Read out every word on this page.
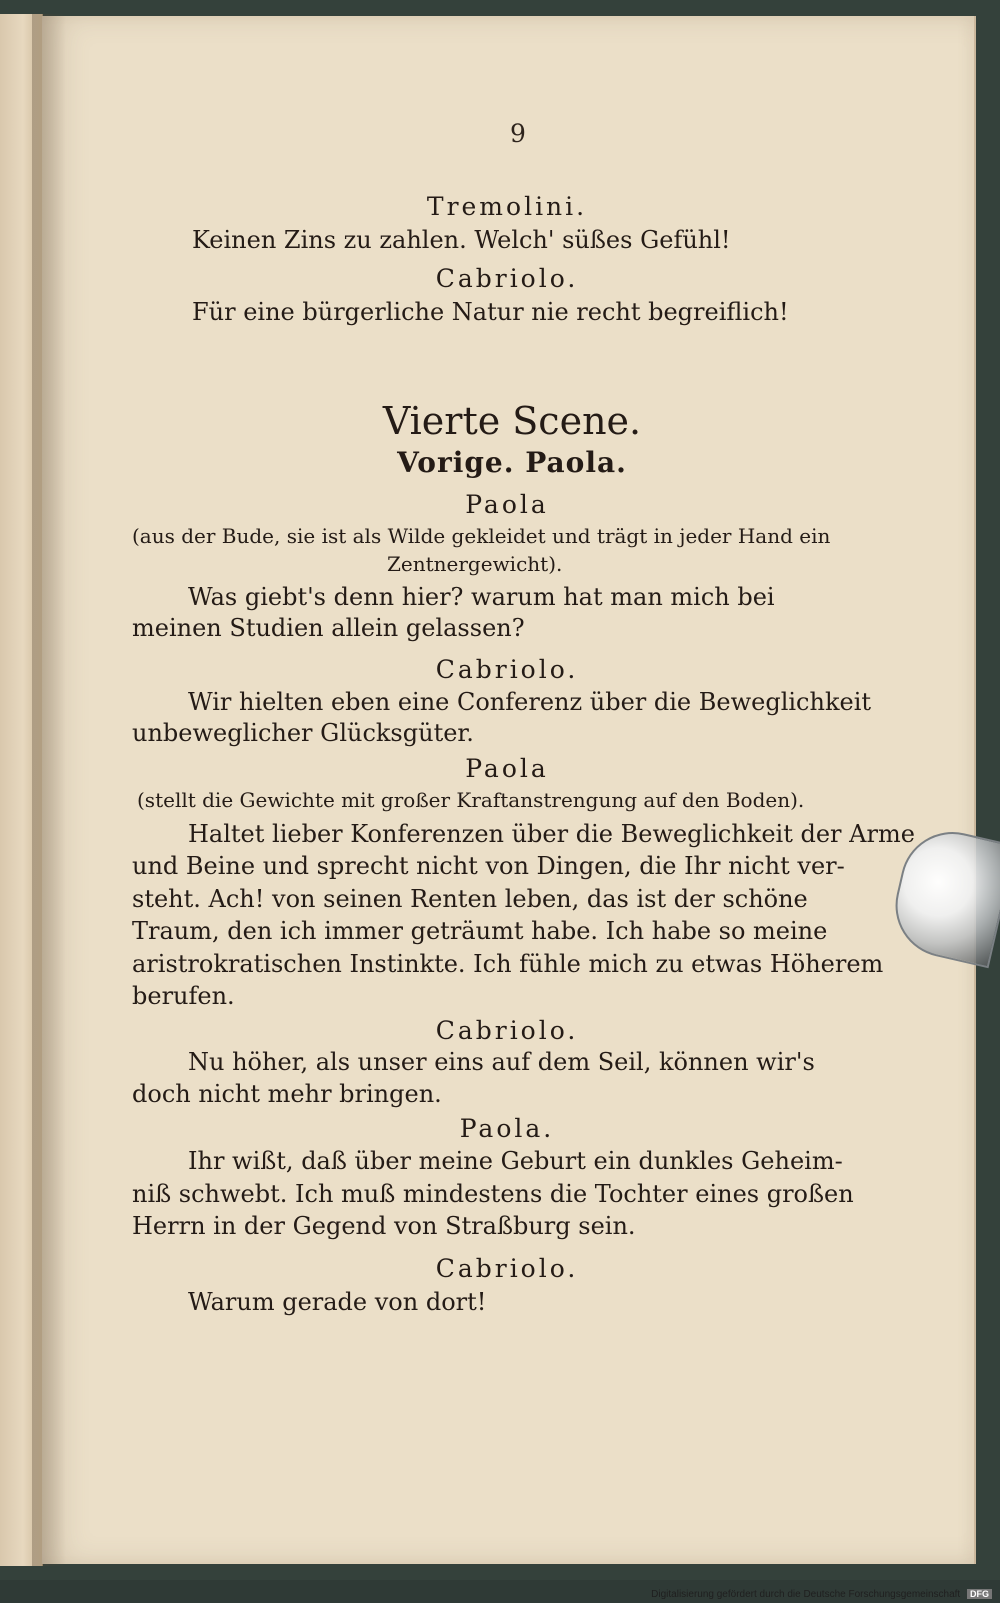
9
Tremolini.
Keinen Zins zu zahlen. Welch' süßes Gefühl!
Cabriolo.
Für eine bürgerliche Natur nie recht begreiflich!
Vierte Scene.
Vorige. Paola.
Paola
(aus der Bude, sie ist als Wilde gekleidet und trägt in jeder Hand ein
Zentnergewicht).
Was giebt's denn hier? warum hat man mich bei
meinen Studien allein gelassen?
Cabriolo.
Wir hielten eben eine Conferenz über die Beweglichkeit
unbeweglicher Glücksgüter.
Paola
(stellt die Gewichte mit großer Kraftanstrengung auf den Boden).
Haltet lieber Konferenzen über die Beweglichkeit der Arme
und Beine und sprecht nicht von Dingen, die Ihr nicht ver-
steht. Ach! von seinen Renten leben, das ist der schöne
Traum, den ich immer geträumt habe. Ich habe so meine
aristrokratischen Instinkte. Ich fühle mich zu etwas Höherem
berufen.
Cabriolo.
Nu höher, als unser eins auf dem Seil, können wir's
doch nicht mehr bringen.
Paola.
Ihr wißt, daß über meine Geburt ein dunkles Geheim-
niß schwebt. Ich muß mindestens die Tochter eines großen
Herrn in der Gegend von Straßburg sein.
Cabriolo.
Warum gerade von dort!
Digitalisierung gefördert durch die Deutsche Forschungsgemeinschaft DFG
